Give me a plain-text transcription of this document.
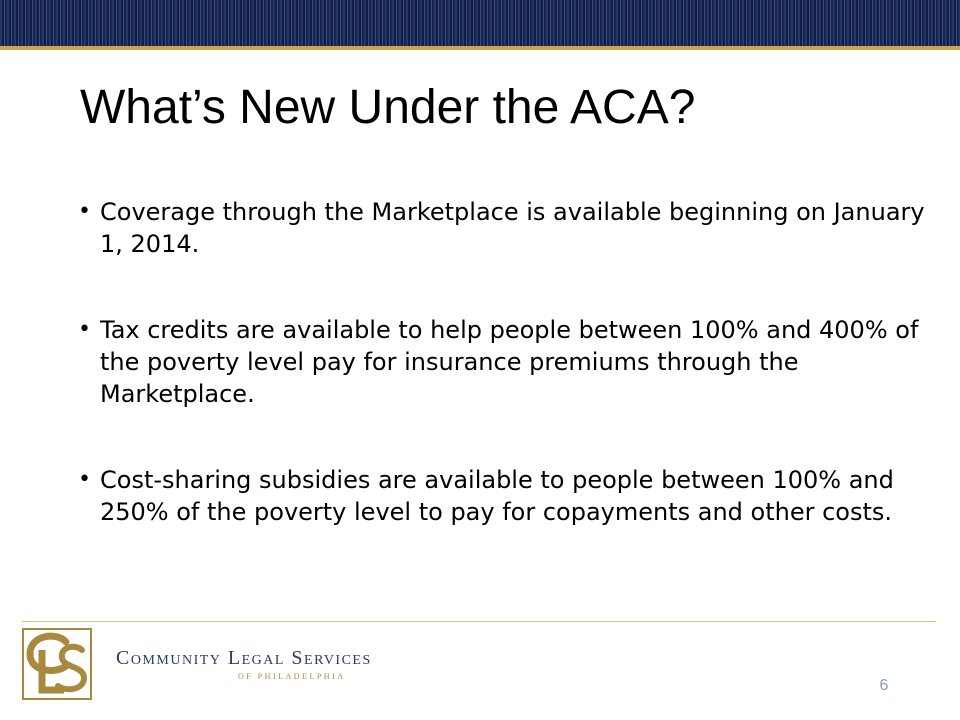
What’s New Under the ACA?
• Coverage through the Marketplace is available beginning on January 1, 2014.
• Tax credits are available to help people between 100% and 400% of the poverty level pay for insurance premiums through the Marketplace.
• Cost-sharing subsidies are available to people between 100% and 250% of the poverty level to pay for copayments and other costs.

Community Legal Services

OF PHILADELPHIA

6
